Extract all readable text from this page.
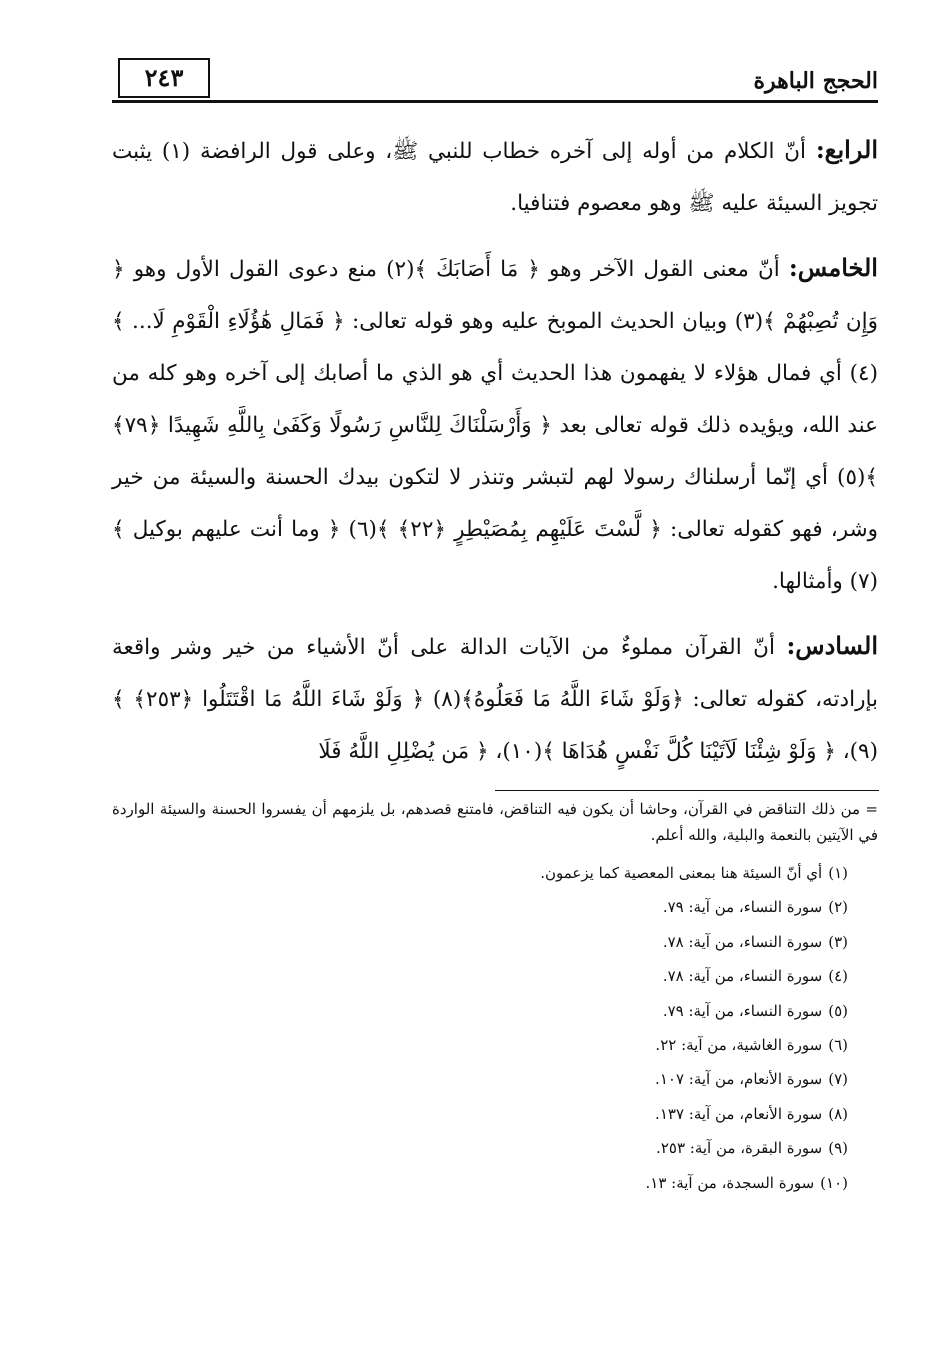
الحجج الباهرة
٢٤٣

الرابع: أنّ الكلام من أوله إلى آخره خطاب للنبي ﷺ، وعلى قول الرافضة (١) يثبت تجويز السيئة عليه ﷺ وهو معصوم فتنافيا.

الخامس: أنّ معنى القول الآخر وهو ﴿ مَا أَصَابَكَ ﴾(٢) منع دعوى القول الأول وهو ﴿ وَإِن تُصِبْهُمْ ﴾(٣) وبيان الحديث الموبخ عليه وهو قوله تعالى: ﴿ فَمَالِ هَٰؤُلَاءِ الْقَوْمِ لَا... ﴾(٤) أي فمال هؤلاء لا يفهمون هذا الحديث أي هو الذي ما أصابك إلى آخره وهو كله من عند الله، ويؤيده ذلك قوله تعالى بعد ﴿ وَأَرْسَلْنَاكَ لِلنَّاسِ رَسُولًا وَكَفَىٰ بِاللَّهِ شَهِيدًا ﴿٧٩﴾ ﴾(٥) أي إنّما أرسلناك رسولا لهم لتبشر وتنذر لا لتكون بيدك الحسنة والسيئة من خير وشر، فهو كقوله تعالى: ﴿ لَّسْتَ عَلَيْهِم بِمُصَيْطِرٍ ﴿٢٢﴾ ﴾(٦) ﴿ وما أنت عليهم بوكيل ﴾(٧) وأمثالها.

السادس: أنّ القرآن مملوءٌ من الآيات الدالة على أنّ الأشياء من خير وشر واقعة بإرادته، كقوله تعالى: ﴿وَلَوْ شَاءَ اللَّهُ مَا فَعَلُوهُ﴾(٨) ﴿ وَلَوْ شَاءَ اللَّهُ مَا اقْتَتَلُوا ﴿٢٥٣﴾ ﴾(٩)، ﴿ وَلَوْ شِئْنَا لَآتَيْنَا كُلَّ نَفْسٍ هُدَاهَا ﴾(١٠)، ﴿ مَن يُضْلِلِ اللَّهُ فَلَا

= من ذلك التناقض في القرآن، وحاشا أن يكون فيه التناقض، فامتنع قصدهم، بل يلزمهم أن يفسروا الحسنة والسيئة الواردة في الآيتين بالنعمة والبلية، والله أعلم.

(١)أي أنّ السيئة هنا بمعنى المعصية كما يزعمون.
(٢)سورة النساء، من آية: ٧٩.
(٣)سورة النساء، من آية: ٧٨.
(٤)سورة النساء، من آية: ٧٨.
(٥)سورة النساء، من آية: ٧٩.
(٦)سورة الغاشية، من آية: ٢٢.
(٧)سورة الأنعام، من آية: ١٠٧.
(٨)سورة الأنعام، من آية: ١٣٧.
(٩)سورة البقرة، من آية: ٢٥٣.
(١٠)سورة السجدة، من آية: ١٣.
